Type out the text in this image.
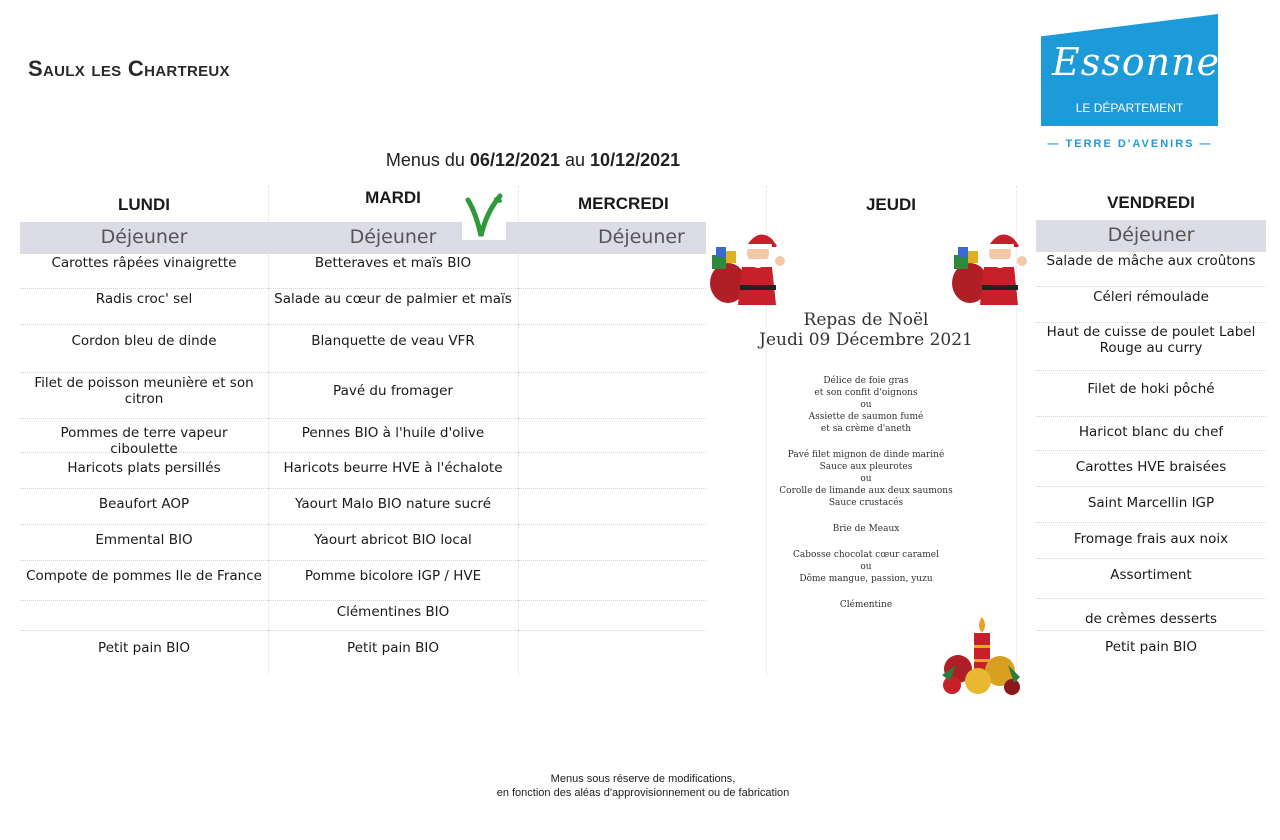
Saulx les Chartreux	Essonne
LE DÉPARTEMENT
— TERRE D'AVENIRS —
Menus du 06/12/2021 au 10/12/2021
LUNDI
Déjeuner
Carottes râpées vinaigrette
Radis croc' sel
Cordon bleu de dinde
Filet de poisson meunière et son citron
Pommes de terre vapeur ciboulette
Haricots plats persillés
Beaufort AOP
Emmental BIO
Compote de pommes Ile de France
Petit pain BIO
MARDI
Déjeuner
Betteraves et maïs BIO
Salade au cœur de palmier et maïs
Blanquette de veau VFR
Pavé du fromager
Pennes BIO à l'huile d'olive
Haricots beurre HVE à l'échalote
Yaourt Malo BIO nature sucré
Yaourt abricot BIO local
Pomme bicolore IGP / HVE
Clémentines BIO
Petit pain BIO
MERCREDI
Déjeuner
JEUDI
Repas de Noël
Jeudi 09 Décembre 2021
Délice de foie gras
et son confit d'oignons
ou
Assiette de saumon fumé
et sa crème d'aneth
Pavé filet mignon de dinde mariné
Sauce aux pleurotes
ou
Corolle de limande aux deux saumons
Sauce crustacés
Brie de Meaux
Cabosse chocolat cœur caramel
ou
Dôme mangue, passion, yuzu
Clémentine
VENDREDI
Déjeuner
Salade de mâche aux croûtons
Céleri rémoulade
Haut de cuisse de poulet Label Rouge au curry
Filet de hoki pôché
Haricot blanc du chef
Carottes HVE braisées
Saint Marcellin IGP
Fromage frais aux noix
Assortiment
de crèmes desserts
Petit pain BIO
Menus sous réserve de modifications,
en fonction des aléas d'approvisionnement ou de fabrication
